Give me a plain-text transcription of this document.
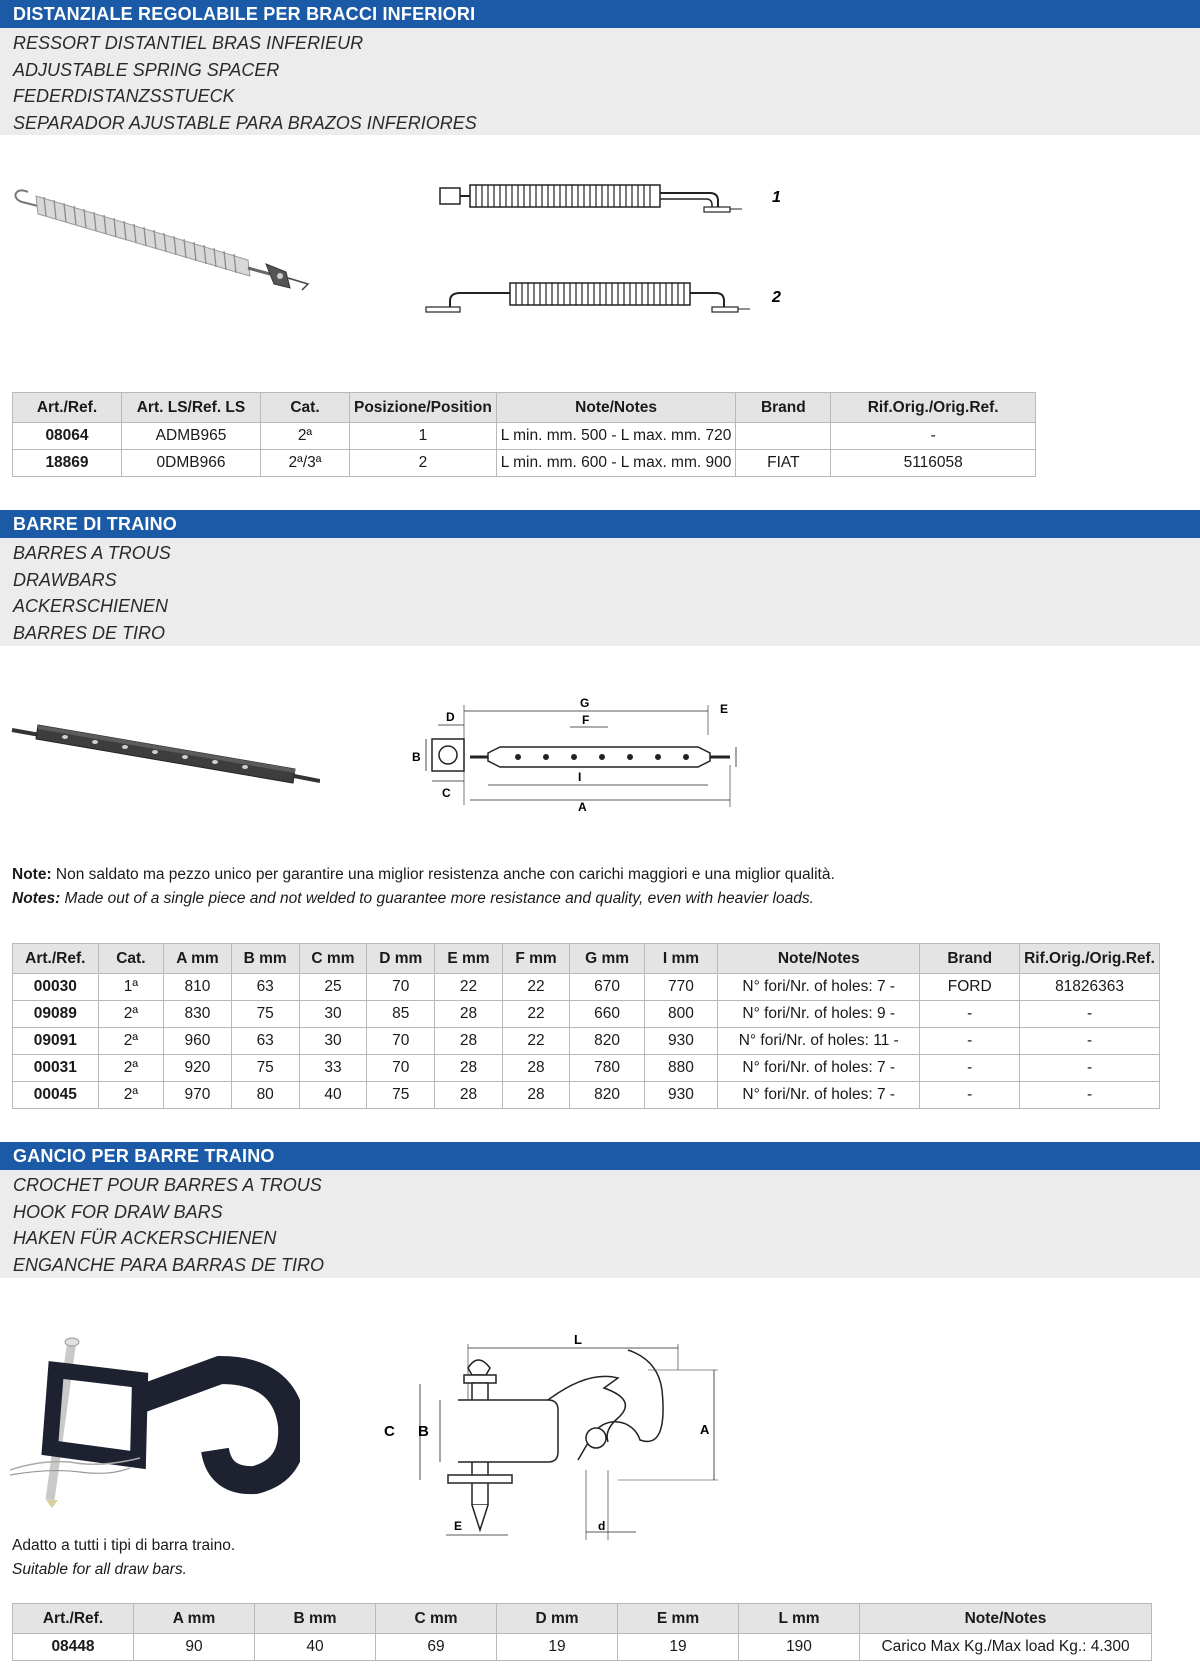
DISTANZIALE REGOLABILE PER BRACCI INFERIORI
RESSORT DISTANTIEL BRAS INFERIEUR
ADJUSTABLE SPRING SPACER
FEDERDISTANZSSTUECK
SEPARADOR AJUSTABLE PARA BRAZOS INFERIORES
1
2
Art./Ref.	Art. LS/Ref. LS	Cat.	Posizione/Position	Note/Notes	Brand	Rif.Orig./Orig.Ref.
08064	ADMB965	2ª	1	L min. mm. 500 - L max. mm. 720		-
18869	0DMB966	2ª/3ª	2	L min. mm. 600 - L max. mm. 900	FIAT	5116058
BARRE DI TRAINO
BARRES A TROUS
DRAWBARS
ACKERSCHIENEN
BARRES DE TIRO
B
C
G
F
D
E
I
A
Note: Non saldato ma pezzo unico per garantire una miglior resistenza anche con carichi maggiori e una miglior qualità.
Notes: Made out of a single piece and not welded to guarantee more resistance and quality, even with heavier loads.
Art./Ref.	Cat.	A mm	B mm	C mm	D mm	E mm	F mm	G mm	I mm	Note/Notes	Brand	Rif.Orig./Orig.Ref.
00030	1ª	810	63	25	70	22	22	670	770	N° fori/Nr. of holes: 7 -	FORD	81826363
09089	2ª	830	75	30	85	28	22	660	800	N° fori/Nr. of holes: 9 -	-	-
09091	2ª	960	63	30	70	28	22	820	930	N° fori/Nr. of holes: 11 -	-	-
00031	2ª	920	75	33	70	28	28	780	880	N° fori/Nr. of holes: 7 -	-	-
00045	2ª	970	80	40	75	28	28	820	930	N° fori/Nr. of holes: 7 -	-	-
GANCIO PER BARRE TRAINO
CROCHET POUR BARRES A TROUS
HOOK FOR DRAW BARS
HAKEN FÜR ACKERSCHIENEN
ENGANCHE PARA BARRAS DE TIRO
L
C B	A
d
E
Adatto a tutti i tipi di barra traino.
Suitable for all draw bars.
Art./Ref.	A mm	B mm	C mm	D mm	E mm	L mm	Note/Notes
08448	90	40	69	19	19	190	Carico Max Kg./Max load Kg.: 4.300
